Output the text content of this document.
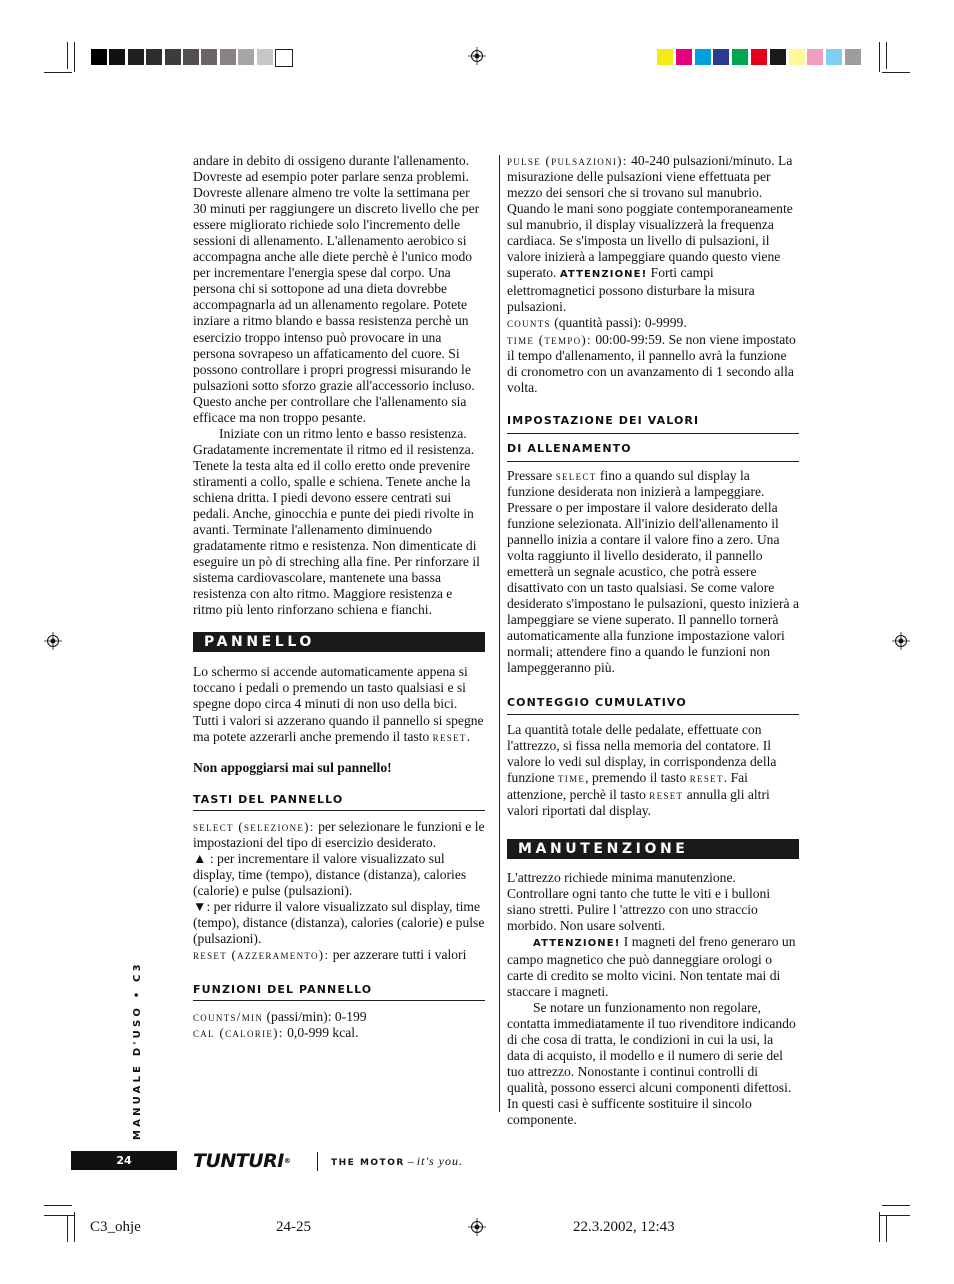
andare in debito di ossigeno durante l'allenamento. Dovreste ad esempio poter parlare senza problemi. Dovreste allenare almeno tre volte la settimana per 30 minuti per raggiungere un discreto livello che per essere migliorato richiede solo l'incremento delle sessioni di allenamento. L'allenamento aerobico si accompagna anche alle diete perchè è l'unico modo per incrementare l'energia spese dal corpo. Una persona chi si sottopone ad una dieta dovrebbe accompagnarla ad un allenamento regolare. Potete inziare a ritmo blando e bassa resistenza perchè un esercizio troppo intenso può provocare in una persona sovrapeso un affaticamento del cuore. Si possono controllare i propri progressi misurando le pulsazioni sotto sforzo grazie all'accessorio incluso. Questo anche per controllare che l'allenamento sia efficace ma non troppo pesante.

Iniziate con un ritmo lento e basso resistenza. Gradatamente incrementate il ritmo ed il resistenza. Tenete la testa alta ed il collo eretto onde prevenire stiramenti a collo, spalle e schiena. Tenete anche la schiena dritta. I piedi devono essere centrati sui pedali. Anche, ginocchia e punte dei piedi rivolte in avanti. Terminate l'allenamento diminuendo gradatamente ritmo e resistenza. Non dimenticate di eseguire un pò di streching alla fine. Per rinforzare il sistema cardiovascolare, mantenete una bassa resistenza con alto ritmo. Maggiore resistenza e ritmo più lento rinforzano schiena e fianchi.

PANNELLO

Lo schermo si accende automaticamente appena si toccano i pedali o premendo un tasto qualsiasi e si spegne dopo circa 4 minuti di non uso della bici. Tutti i valori si azzerano quando il pannello si spegne ma potete azzerarli anche premendo il tasto reset.

Non appoggiarsi mai sul pannello!

TASTI DEL PANNELLO

select (selezione): per selezionare le funzioni e le impostazioni del tipo di esercizio desiderato.

▲ : per incrementare il valore visualizzato sul display, time (tempo), distance (distanza), calories (calorie) e pulse (pulsazioni).

▼: per ridurre il valore visualizzato sul display, time (tempo), distance (distanza), calories (calorie) e pulse (pulsazioni).

reset (azzeramento): per azzerare tutti i valori

FUNZIONI DEL PANNELLO

counts/min (passi/min): 0-199

cal (calorie): 0,0-999 kcal.

pulse (pulsazioni): 40-240 pulsazioni/minuto. La misurazione delle pulsazioni viene effettuata per mezzo dei sensori che si trovano sul manubrio. Quando le mani sono poggiate contemporaneamente sul manubrio, il display visualizzerà la frequenza cardiaca. Se s'imposta un livello di pulsazioni, il valore inizierà a lampeggiare quando questo viene superato. ATTENZIONE! Forti campi elettromagnetici possono disturbare la misura pulsazioni.

counts (quantità passi): 0-9999.

time (tempo): 00:00-99:59. Se non viene impostato il tempo d'allenamento, il pannello avrà la funzione di cronometro con un avanzamento di 1 secondo alla volta.

IMPOSTAZIONE DEI VALORI
DI ALLENAMENTO

Pressare select fino a quando sul display la funzione desiderata non inizierà a lampeggiare. Pressare o per impostare il valore desiderato della funzione selezionata. All'inizio dell'allenamento il pannello inizia a contare il valore fino a zero. Una volta raggiunto il livello desiderato, il pannello emetterà un segnale acustico, che potrà essere disattivato con un tasto qualsiasi. Se come valore desiderato s'impostano le pulsazioni, questo inizierà a lampeggiare se viene superato. Il pannello tornerà automaticamente alla funzione impostazione valori normali; attendere fino a quando le funzioni non lampeggeranno più.

CONTEGGIO CUMULATIVO

La quantità totale delle pedalate, effettuate con l'attrezzo, si fissa nella memoria del contatore. Il valore lo vedi sul display, in corrispondenza della funzione time, premendo il tasto reset. Fai attenzione, perchè il tasto reset annulla gli altri valori riportati dal display.

MANUTENZIONE

L'attrezzo richiede minima manutenzione. Controllare ogni tanto che tutte le viti e i bulloni siano stretti. Pulire l 'attrezzo con uno straccio morbido. Non usare solventi.

ATTENZIONE! I magneti del freno generaro un campo magnetico che può danneggiare orologi o carte di credito se molto vicini. Non tentate mai di staccare i magneti.

Se notare un funzionamento non regolare, contatta immediatamente il tuo rivenditore indicando di che cosa di tratta, le condizioni in cui la usi, la data di acquisto, il modello e il numero di serie del tuo attrezzo. Nonostante i continui controlli di qualità, possono esserci alcuni componenti difettosi. In questi casi è sufficente sostituire il sincolo componente.

MANUALE D'USO • C3
24	TUNTURI®	THE MOTOR – it's you.
C3_ohje	24-25	22.3.2002, 12:43
